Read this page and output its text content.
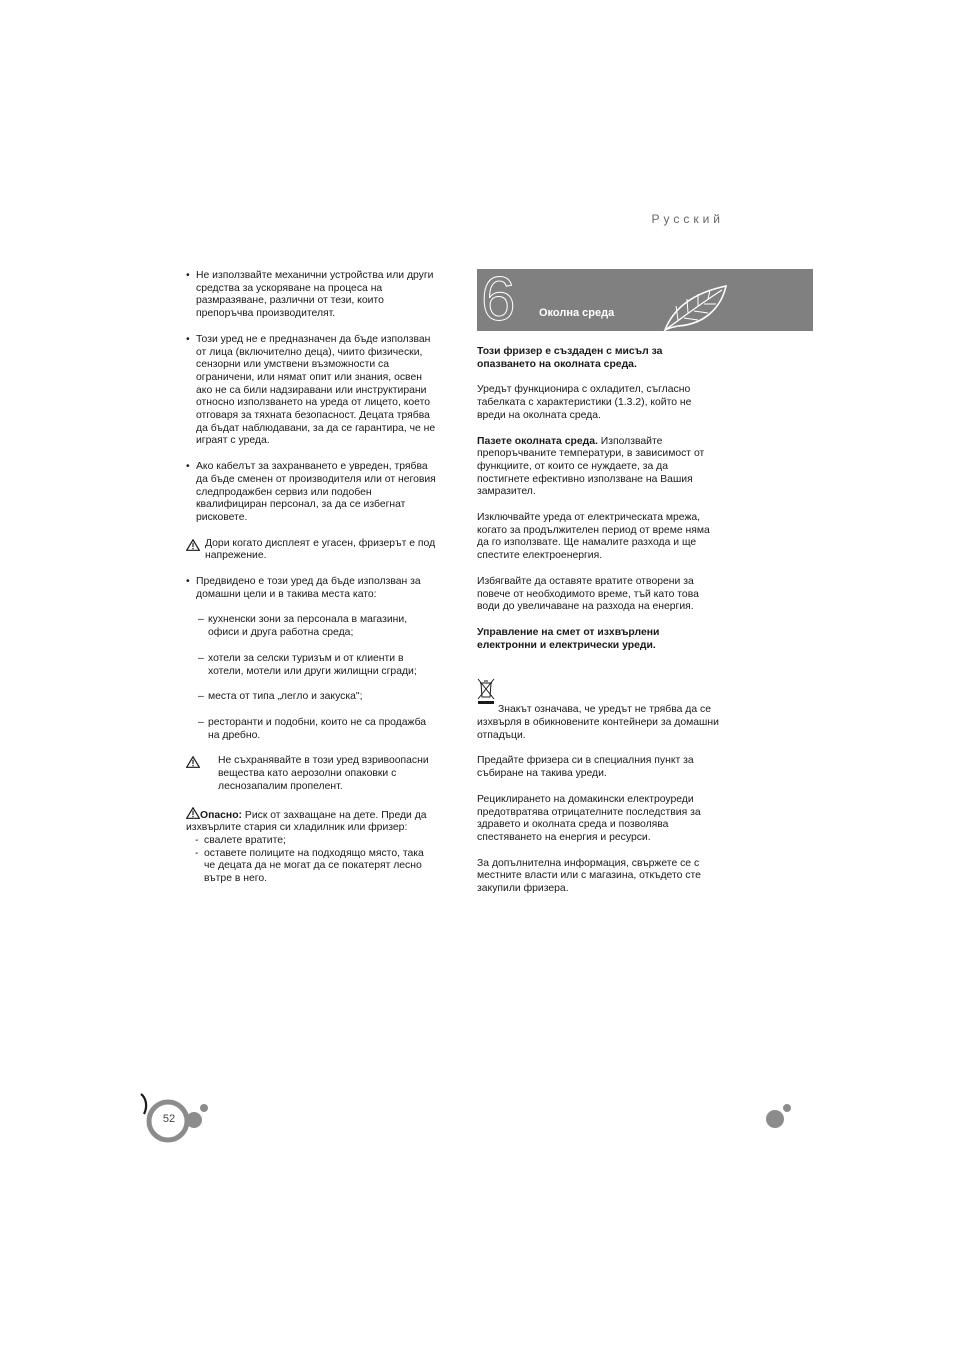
Русский
• Не използвайте механични устройства или други средства за ускоряване на процеса на размразяване, различни от тези, които препоръчва производителят.
• Този уред не е предназначен да бъде използван от лица (включително деца), чиито физически, сензорни или умствени възможности са ограничени, или нямат опит или знания, освен ако не са били надзиравани или инструктирани относно използването на уреда от лицето, което отговаря за тяхната безопасност. Децата трябва да бъдат наблюдавани, за да се гарантира, че не играят с уреда.
• Ако кабелът за захранването е увреден, трябва да бъде сменен от производителя или от неговия следпродажбен сервиз или подобен квалифициран персонал, за да се избегнат рисковете.
Дори когато дисплеят е угасен, фризерът е под напрежение.
• Предвидено е този уред да бъде използван за домашни цели и в такива места като:
– кухненски зони за персонала в магазини, офиси и друга работна среда;
– хотели за селски туризъм и от клиенти в хотели, мотели или други жилищни сгради;
– места от типа „легло и закуска";
– ресторанти и подобни, които не са продажба на дребно.
Не съхранявайте в този уред взривоопасни вещества като аерозолни опаковки с леснозапалим пропелент.
Опасно: Риск от захващане на дете. Преди да изхвърлите стария си хладилник или фризер:
- свалете вратите;
- оставете полиците на подходящо място, така че децата да не могат да се покатерят лесно вътре в него.
6 Околна среда

Този фризер е създаден с мисъл за опазването на околната среда.

Уредът функционира с охладител, съгласно табелката с характеристики (1.3.2), който не вреди на околната среда.

Пазете околната среда. Използвайте препоръчваните температури, в зависимост от функциите, от които се нуждаете, за да постигнете ефективно използване на Вашия замразител.

Изключвайте уреда от електрическата мрежа, когато за продължителен период от време няма да го използвате. Ще намалите разхода и ще спестите електроенергия.

Избягвайте да оставяте вратите отворени за повече от необходимото време, тъй като това води до увеличаване на разхода на енергия.

Управление на смет от изхвърлени електронни и електрически уреди.

Знакът означава, че уредът не трябва да се изхвърля в обикновените контейнери за домашни отпадъци.

Предайте фризера си в специалния пункт за събиране на такива уреди.

Рециклирането на домакински електроуреди предотвратява отрицателните последствия за здравето и околната среда и позволява спестяването на енергия и ресурси.

За допълнителна информация, свържете се с местните власти или с магазина, откъдето сте закупили фризера.

52
